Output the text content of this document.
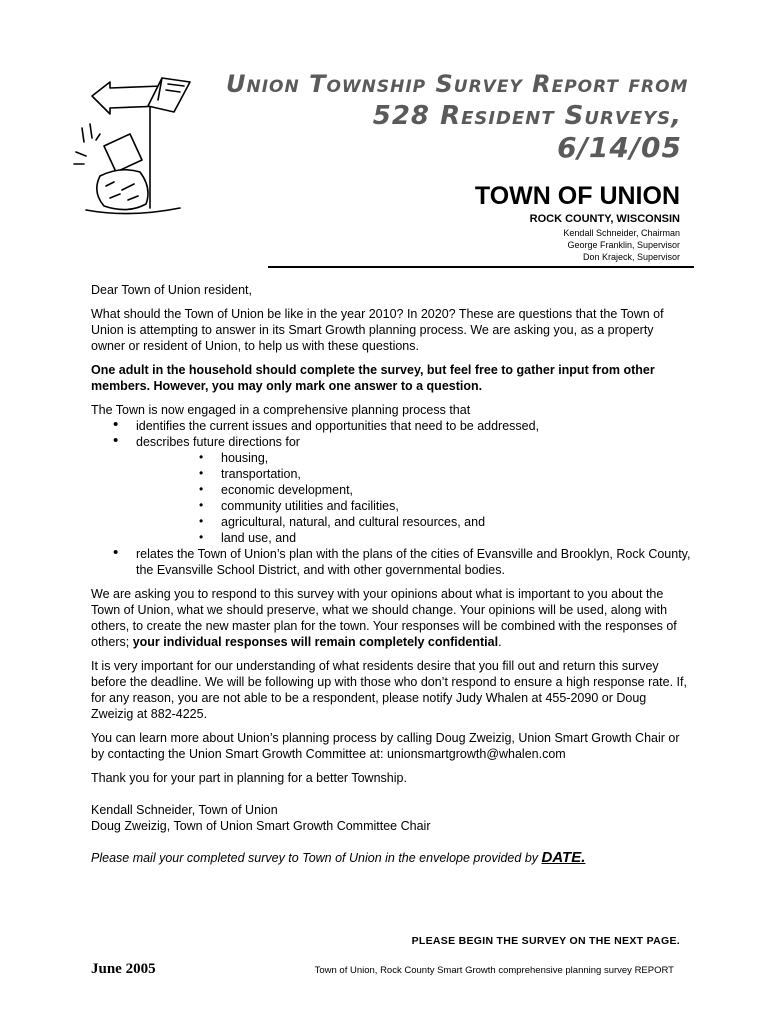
Union Township Survey Report from
528 Resident Surveys,
6/14/05
TOWN OF UNION
ROCK COUNTY, WISCONSIN
Kendall Schneider, Chairman
George Franklin, Supervisor
Don Krajeck, Supervisor

Dear Town of Union resident,

What should the Town of Union be like in the year 2010? In 2020? These are questions that the Town of Union is attempting to answer in its Smart Growth planning process. We are asking you, as a property owner or resident of Union, to help us with these questions.

One adult in the household should complete the survey, but feel free to gather input from other members. However, you may only mark one answer to a question.

The Town is now engaged in a comprehensive planning process that
• identifies the current issues and opportunities that need to be addressed,
• describes future directions for
• housing,
• transportation,
• economic development,
• community utilities and facilities,
• agricultural, natural, and cultural resources, and
• land use, and
• relates the Town of Union’s plan with the plans of the cities of Evansville and Brooklyn, Rock County, the Evansville School District, and with other governmental bodies.

We are asking you to respond to this survey with your opinions about what is important to you about the Town of Union, what we should preserve, what we should change. Your opinions will be used, along with others, to create the new master plan for the town. Your responses will be combined with the responses of others; your individual responses will remain completely confidential.

It is very important for our understanding of what residents desire that you fill out and return this survey before the deadline. We will be following up with those who don’t respond to ensure a high response rate. If, for any reason, you are not able to be a respondent, please notify Judy Whalen at 455-2090 or Doug Zweizig at 882-4225.

You can learn more about Union’s planning process by calling Doug Zweizig, Union Smart Growth Chair or by contacting the Union Smart Growth Committee at: unionsmartgrowth@whalen.com

Thank you for your part in planning for a better Township.

Kendall Schneider, Town of Union
Doug Zweizig, Town of Union Smart Growth Committee Chair

Please mail your completed survey to Town of Union in the envelope provided by DATE.

PLEASE BEGIN THE SURVEY ON THE NEXT PAGE.
June 2005	Town of Union, Rock County Smart Growth comprehensive planning survey REPORT
